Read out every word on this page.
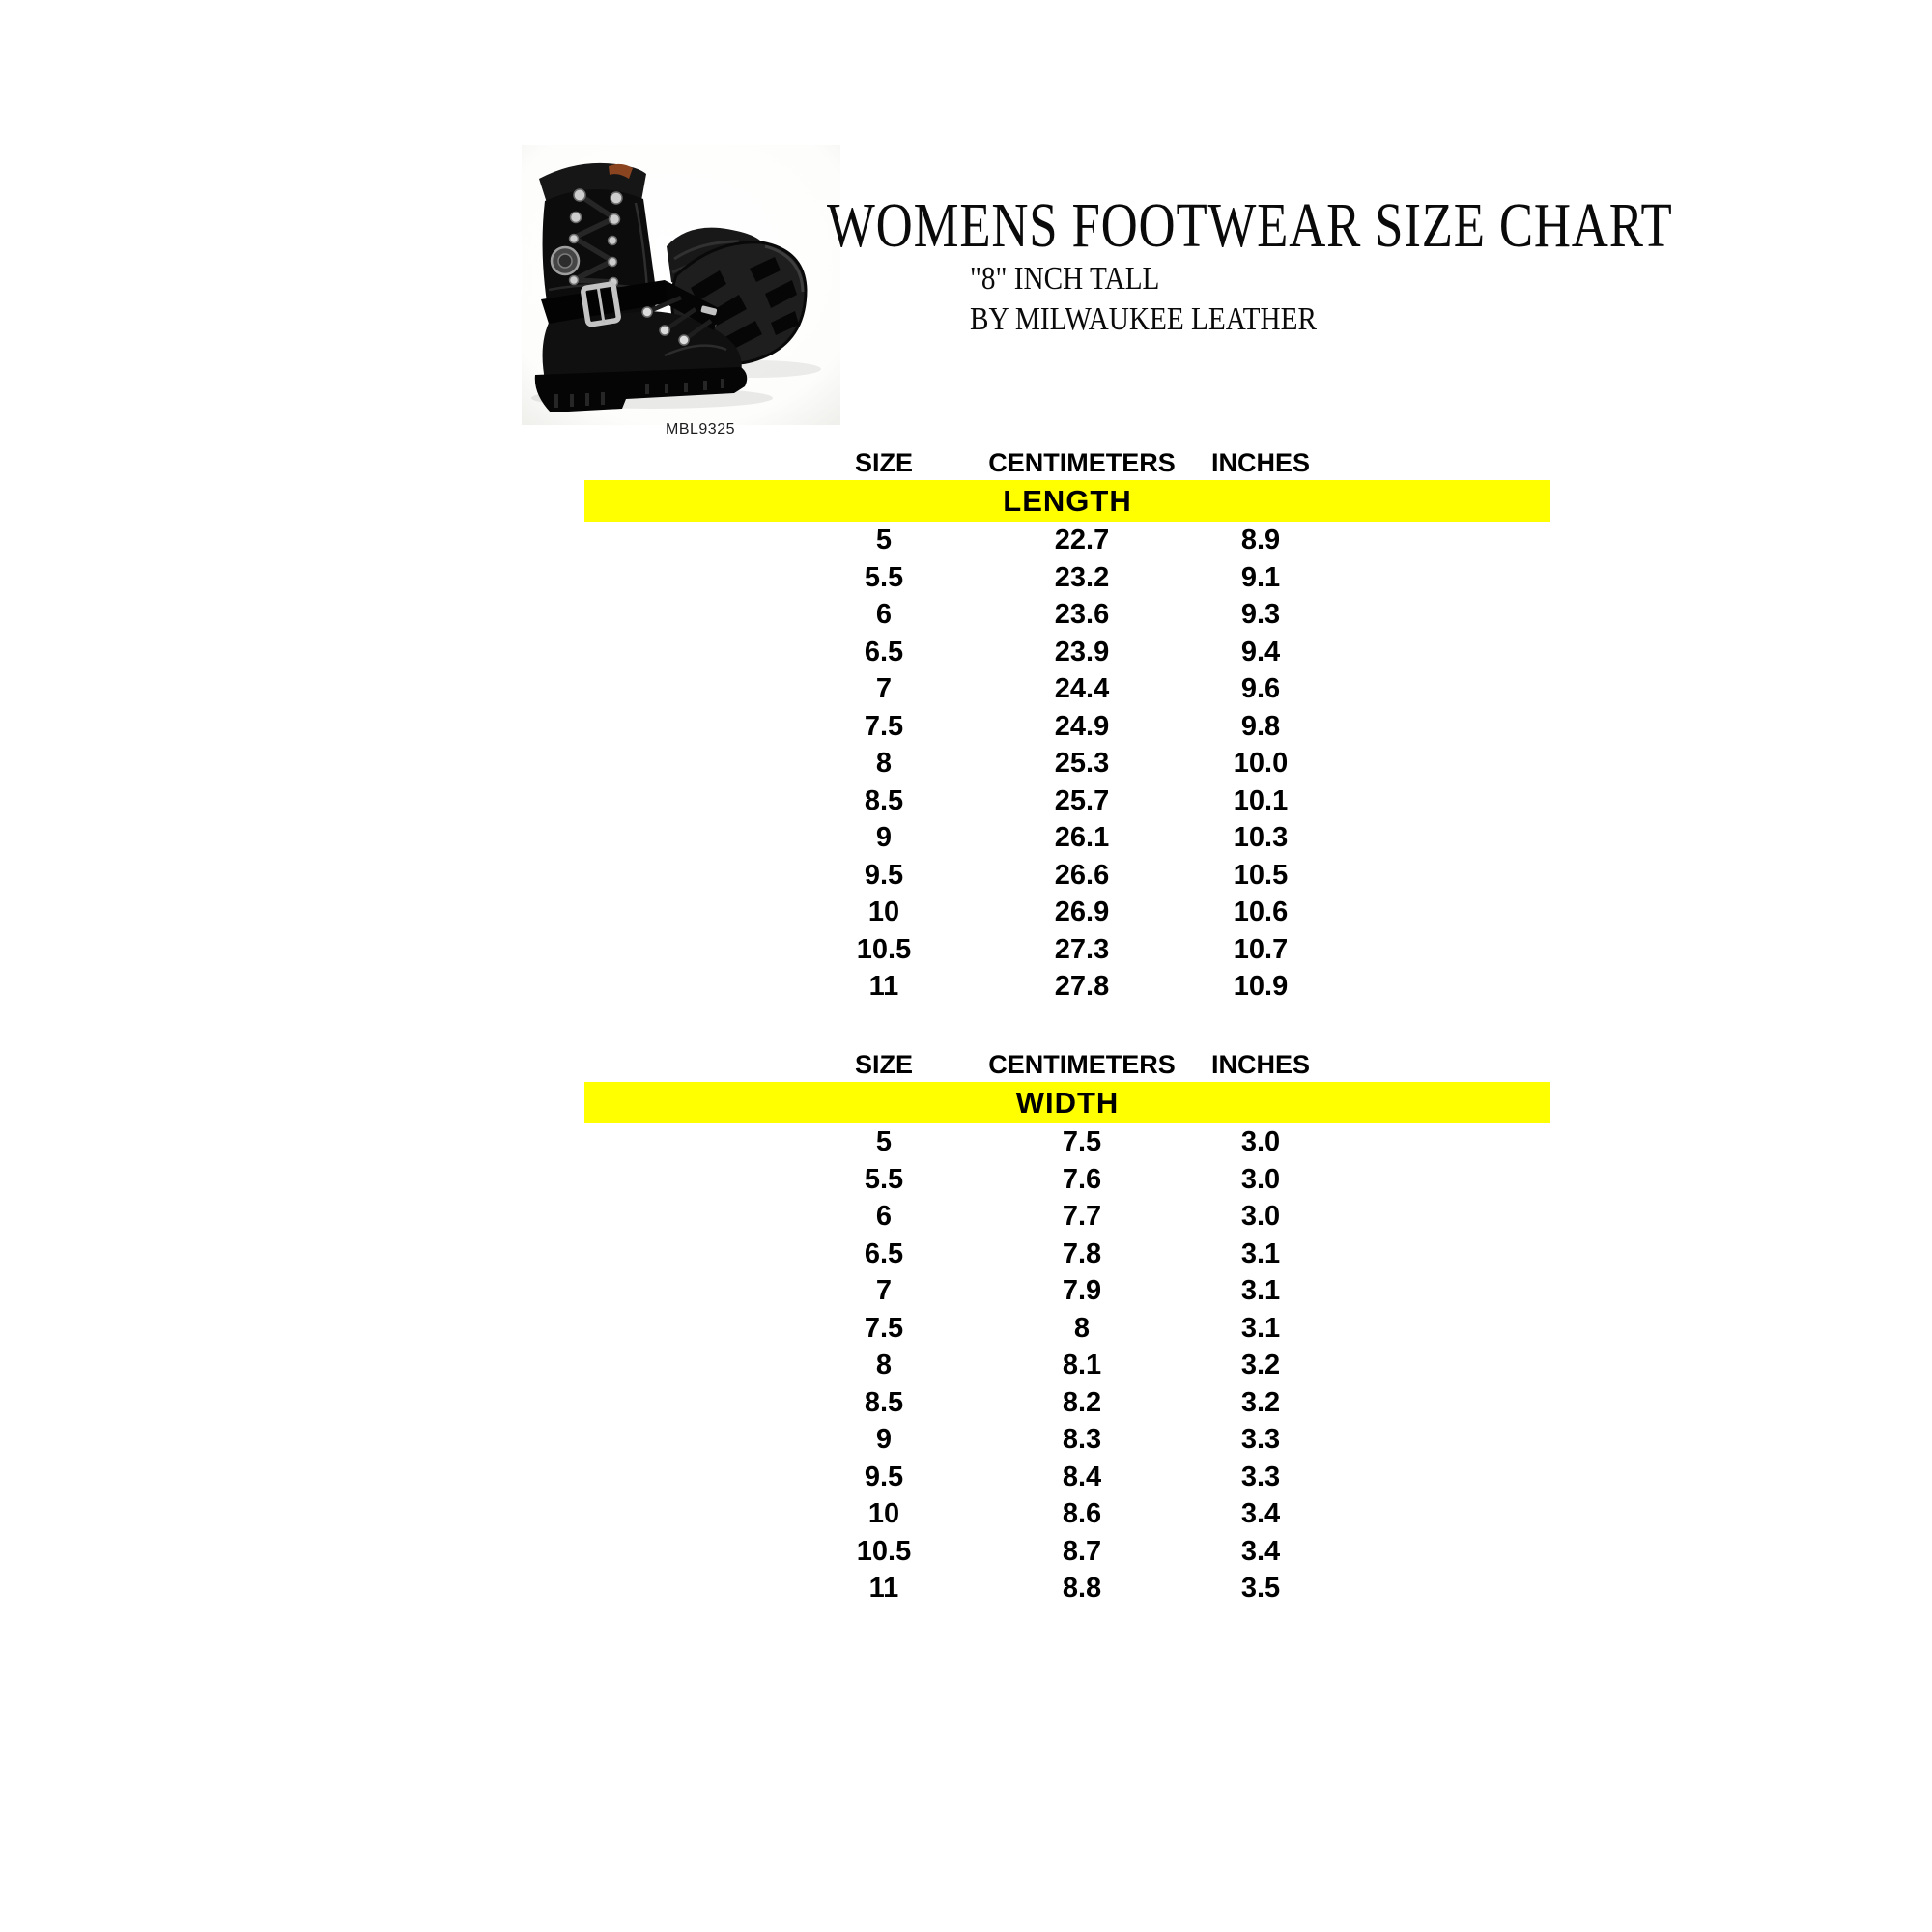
MBL9325
WOMENS FOOTWEAR SIZE CHART
"8" INCH TALL
BY MILWAUKEE LEATHER
SIZE	CENTIMETERS INCHES
LENGTH
5	22.7	8.9
5.5	23.2	9.1
6	23.6	9.3
6.5	23.9	9.4
7	24.4	9.6
7.5	24.9	9.8
8	25.3	10.0
8.5	25.7	10.1
9	26.1	10.3
9.5	26.6	10.5
10	26.9	10.6
10.5	27.3	10.7
11	27.8	10.9
SIZE	CENTIMETERS INCHES
WIDTH
5	7.5	3.0
5.5	7.6	3.0
6	7.7	3.0
6.5	7.8	3.1
7	7.9	3.1
7.5	8	3.1
8	8.1	3.2
8.5	8.2	3.2
9	8.3	3.3
9.5	8.4	3.3
10	8.6	3.4
10.5	8.7	3.4
11	8.8	3.5
